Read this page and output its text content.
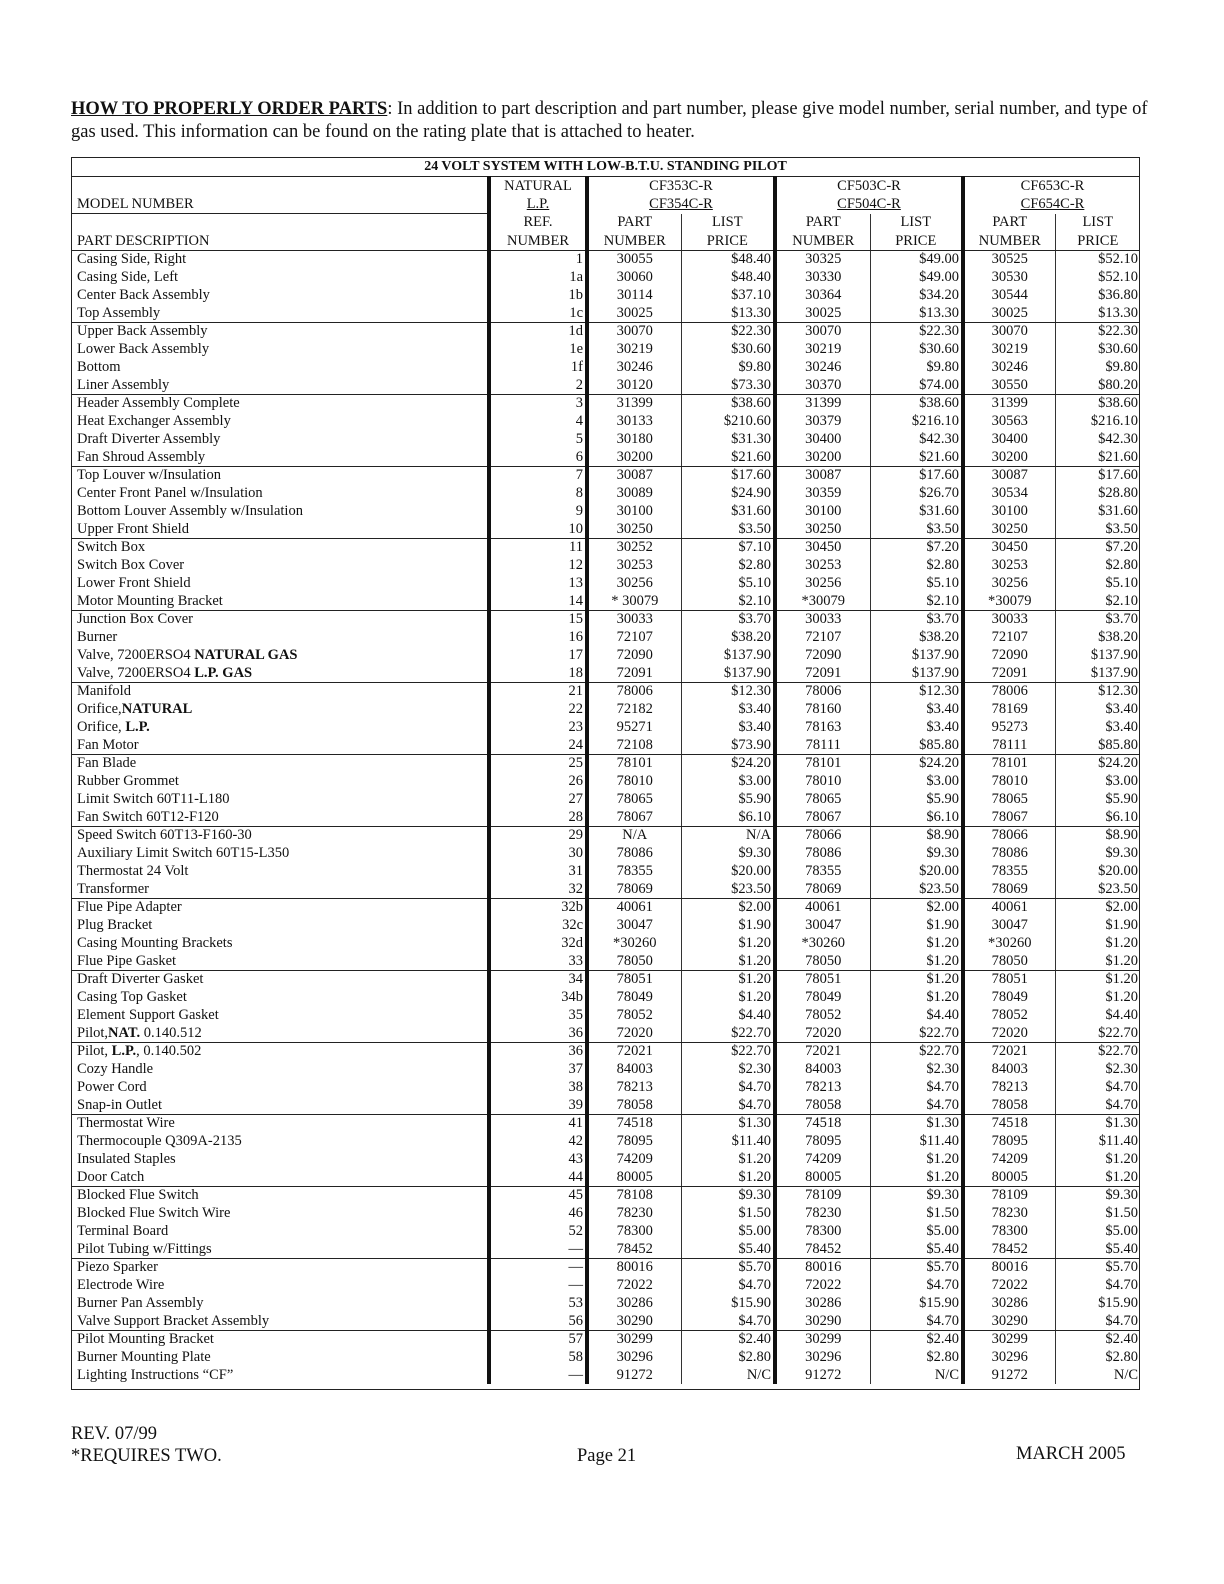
HOW TO PROPERLY ORDER PARTS: In addition to part description and part number, please give model number, serial number, and type of gas used. This information can be found on the rating plate that is attached to heater.
24 VOLT SYSTEM WITH LOW-B.T.U. STANDING PILOT							
	NATURAL	CF353C-R		CF503C-R		CF653C-R	
MODEL NUMBER	L.P.	CF354C-R		CF504C-R		CF654C-R	
	REF.	PART	LIST	PART	LIST	PART	LIST
PART DESCRIPTION	NUMBER	NUMBER	PRICE	NUMBER	PRICE	NUMBER	PRICE
Casing Side, Right	1	30055	$48.40	30325	$49.00	30525	$52.10
Casing Side, Left	1a	30060	$48.40	30330	$49.00	30530	$52.10
Center Back Assembly	1b	30114	$37.10	30364	$34.20	30544	$36.80
Top Assembly	1c	30025	$13.30	30025	$13.30	30025	$13.30
Upper Back Assembly	1d	30070	$22.30	30070	$22.30	30070	$22.30
Lower Back Assembly	1e	30219	$30.60	30219	$30.60	30219	$30.60
Bottom	1f	30246	$9.80	30246	$9.80	30246	$9.80
Liner Assembly	2	30120	$73.30	30370	$74.00	30550	$80.20
Header Assembly Complete	3	31399	$38.60	31399	$38.60	31399	$38.60
Heat Exchanger Assembly	4	30133	$210.60	30379	$216.10	30563	$216.10
Draft Diverter Assembly	5	30180	$31.30	30400	$42.30	30400	$42.30
Fan Shroud Assembly	6	30200	$21.60	30200	$21.60	30200	$21.60
Top Louver w/Insulation	7	30087	$17.60	30087	$17.60	30087	$17.60
Center Front Panel w/Insulation	8	30089	$24.90	30359	$26.70	30534	$28.80
Bottom Louver Assembly w/Insulation	9	30100	$31.60	30100	$31.60	30100	$31.60
Upper Front Shield	10	30250	$3.50	30250	$3.50	30250	$3.50
Switch Box	11	30252	$7.10	30450	$7.20	30450	$7.20
Switch Box Cover	12	30253	$2.80	30253	$2.80	30253	$2.80
Lower Front Shield	13	30256	$5.10	30256	$5.10	30256	$5.10
Motor Mounting Bracket	14	* 30079	$2.10	*30079	$2.10	*30079	$2.10
Junction Box Cover	15	30033	$3.70	30033	$3.70	30033	$3.70
Burner	16	72107	$38.20	72107	$38.20	72107	$38.20
Valve, 7200ERSO4 NATURAL GAS	17	72090	$137.90	72090	$137.90	72090	$137.90
Valve, 7200ERSO4 L.P. GAS	18	72091	$137.90	72091	$137.90	72091	$137.90
Manifold	21	78006	$12.30	78006	$12.30	78006	$12.30
Orifice,NATURAL	22	72182	$3.40	78160	$3.40	78169	$3.40
Orifice, L.P.	23	95271	$3.40	78163	$3.40	95273	$3.40
Fan Motor	24	72108	$73.90	78111	$85.80	78111	$85.80
Fan Blade	25	78101	$24.20	78101	$24.20	78101	$24.20
Rubber Grommet	26	78010	$3.00	78010	$3.00	78010	$3.00
Limit Switch 60T11-L180	27	78065	$5.90	78065	$5.90	78065	$5.90
Fan Switch 60T12-F120	28	78067	$6.10	78067	$6.10	78067	$6.10
Speed Switch 60T13-F160-30	29	N/A	N/A	78066	$8.90	78066	$8.90
Auxiliary Limit Switch 60T15-L350	30	78086	$9.30	78086	$9.30	78086	$9.30
Thermostat 24 Volt	31	78355	$20.00	78355	$20.00	78355	$20.00
Transformer	32	78069	$23.50	78069	$23.50	78069	$23.50
Flue Pipe Adapter	32b	40061	$2.00	40061	$2.00	40061	$2.00
Plug Bracket	32c	30047	$1.90	30047	$1.90	30047	$1.90
Casing Mounting Brackets	32d	*30260	$1.20	*30260	$1.20	*30260	$1.20
Flue Pipe Gasket	33	78050	$1.20	78050	$1.20	78050	$1.20
Draft Diverter Gasket	34	78051	$1.20	78051	$1.20	78051	$1.20
Casing Top Gasket	34b	78049	$1.20	78049	$1.20	78049	$1.20
Element Support Gasket	35	78052	$4.40	78052	$4.40	78052	$4.40
Pilot,NAT. 0.140.512	36	72020	$22.70	72020	$22.70	72020	$22.70
Pilot, L.P., 0.140.502	36	72021	$22.70	72021	$22.70	72021	$22.70
Cozy Handle	37	84003	$2.30	84003	$2.30	84003	$2.30
Power Cord	38	78213	$4.70	78213	$4.70	78213	$4.70
Snap-in Outlet	39	78058	$4.70	78058	$4.70	78058	$4.70
Thermostat Wire	41	74518	$1.30	74518	$1.30	74518	$1.30
Thermocouple Q309A-2135	42	78095	$11.40	78095	$11.40	78095	$11.40
Insulated Staples	43	74209	$1.20	74209	$1.20	74209	$1.20
Door Catch	44	80005	$1.20	80005	$1.20	80005	$1.20
Blocked Flue Switch	45	78108	$9.30	78109	$9.30	78109	$9.30
Blocked Flue Switch Wire	46	78230	$1.50	78230	$1.50	78230	$1.50
Terminal Board	52	78300	$5.00	78300	$5.00	78300	$5.00
Pilot Tubing w/Fittings	—	78452	$5.40	78452	$5.40	78452	$5.40
Piezo Sparker	—	80016	$5.70	80016	$5.70	80016	$5.70
Electrode Wire	—	72022	$4.70	72022	$4.70	72022	$4.70
Burner Pan Assembly	53	30286	$15.90	30286	$15.90	30286	$15.90
Valve Support Bracket Assembly	56	30290	$4.70	30290	$4.70	30290	$4.70
Pilot Mounting Bracket	57	30299	$2.40	30299	$2.40	30299	$2.40
Burner Mounting Plate	58	30296	$2.80	30296	$2.80	30296	$2.80
Lighting Instructions “CF”	—	91272	N/C	91272	N/C	91272	N/C
REV. 07/99
*REQUIRES TWO.	Page 21	MARCH 2005
